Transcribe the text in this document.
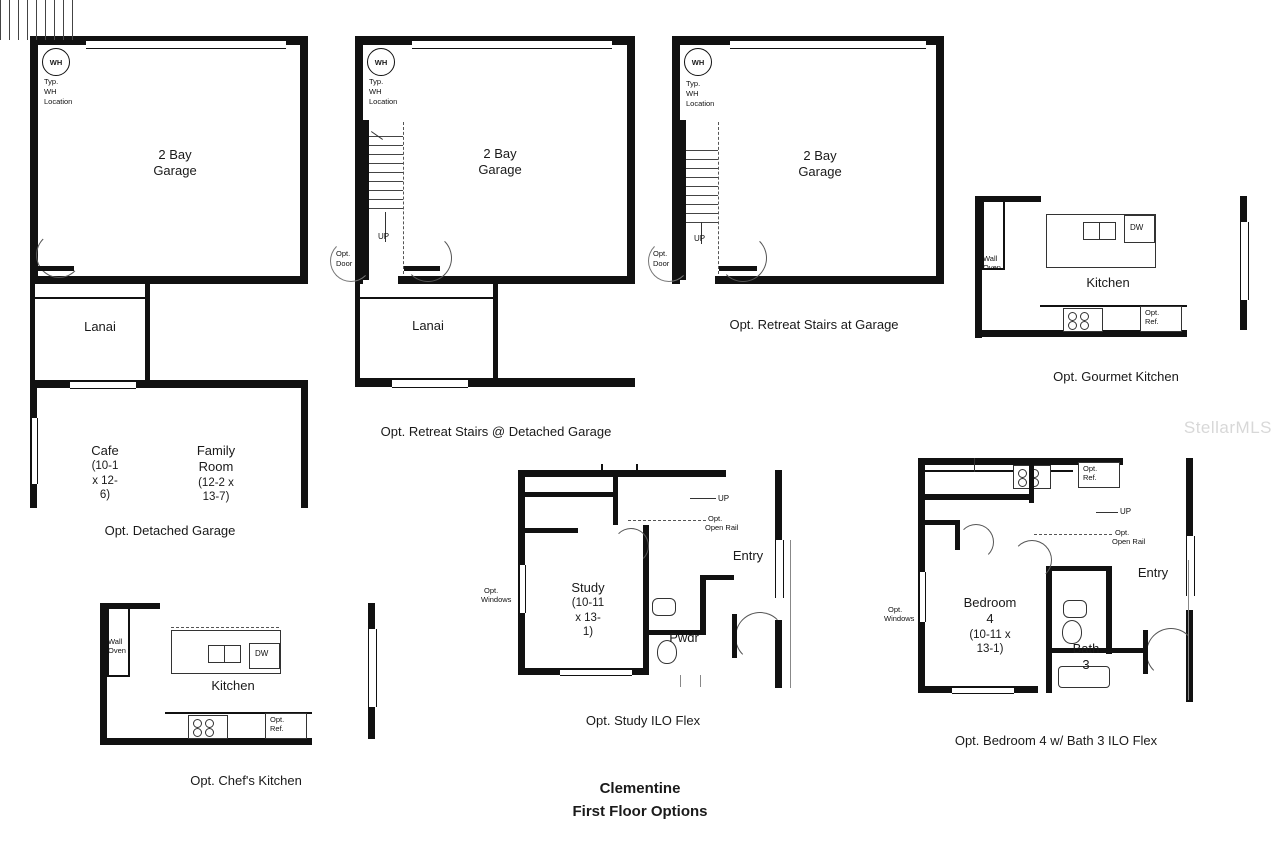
StellarMLS
WH
Typ.
WH
Location
2 Bay Garage
Lanai
Cafe
(10-1 x 12-6)
Family Room
(12-2 x 13-7)
Opt. Detached Garage
WH
Typ.
WH
Location
UP
Opt.
Door
2 Bay Garage
Lanai
Opt. Retreat Stairs @ Detached Garage
WH
Typ.
WH
Location
UP
Opt.
Door
2 Bay Garage
Opt. Retreat Stairs at Garage
Wall
Oven
DW
Kitchen
Opt.
Ref.
Opt. Gourmet Kitchen
Wall
Oven	DW
Kitchen
Opt.
Ref.
Opt. Chef's Kitchen
Opt.
Windows
UP
Opt.
Open Rail
Study
(10-11 x 13-1)
Entry
Pwdr
Opt. Study ILO Flex
Opt.
Windows
Opt.
Ref.
UP
Opt.
Open Rail
Bedroom 4
(10-11 x 13-1)
Entry
Bath 3
Opt. Bedroom 4 w/ Bath 3 ILO Flex
Clementine
First Floor Options
